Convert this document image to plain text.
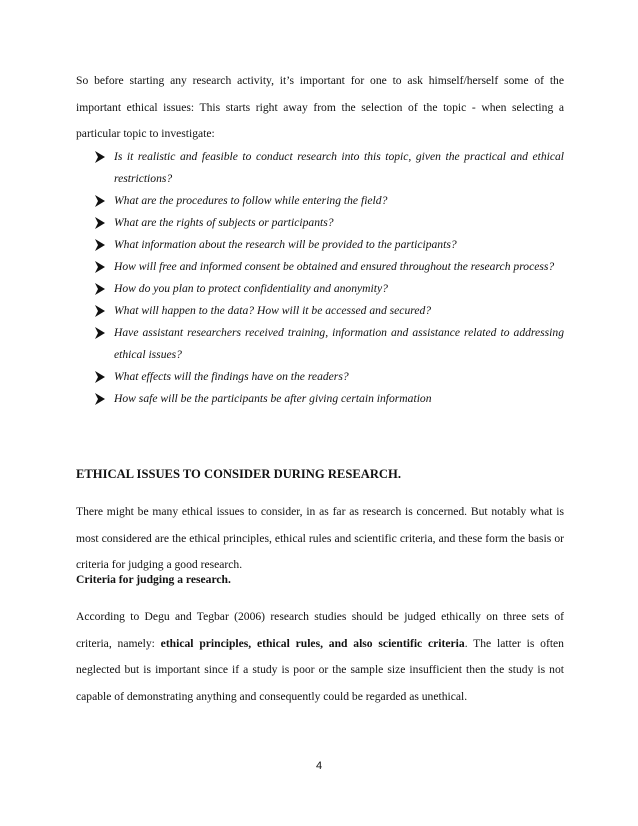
So before starting any research activity, it’s important for one to ask himself/herself some of the important ethical issues: This starts right away from the selection of the topic - when selecting a particular topic to investigate:

Is it realistic and feasible to conduct research into this topic, given the practical and ethical restrictions?
What are the procedures to follow while entering the field?
What are the rights of subjects or participants?
What information about the research will be provided to the participants?
How will free and informed consent be obtained and ensured throughout the research process?
How do you plan to protect confidentiality and anonymity?
What will happen to the data? How will it be accessed and secured?
Have assistant researchers received training, information and assistance related to addressing ethical issues?
What effects will the findings have on the readers?
How safe will be the participants be after giving certain information
ETHICAL ISSUES TO CONSIDER DURING RESEARCH.

There might be many ethical issues to consider, in as far as research is concerned. But notably what is most considered are the ethical principles, ethical rules and scientific criteria, and these form the basis or criteria for judging a good research.

Criteria for judging a research.

According to Degu and Tegbar (2006) research studies should be judged ethically on three sets of criteria, namely: ethical principles, ethical rules, and also scientific criteria. The latter is often neglected but is important since if a study is poor or the sample size insufficient then the study is not capable of demonstrating anything and consequently could be regarded as unethical.

4
